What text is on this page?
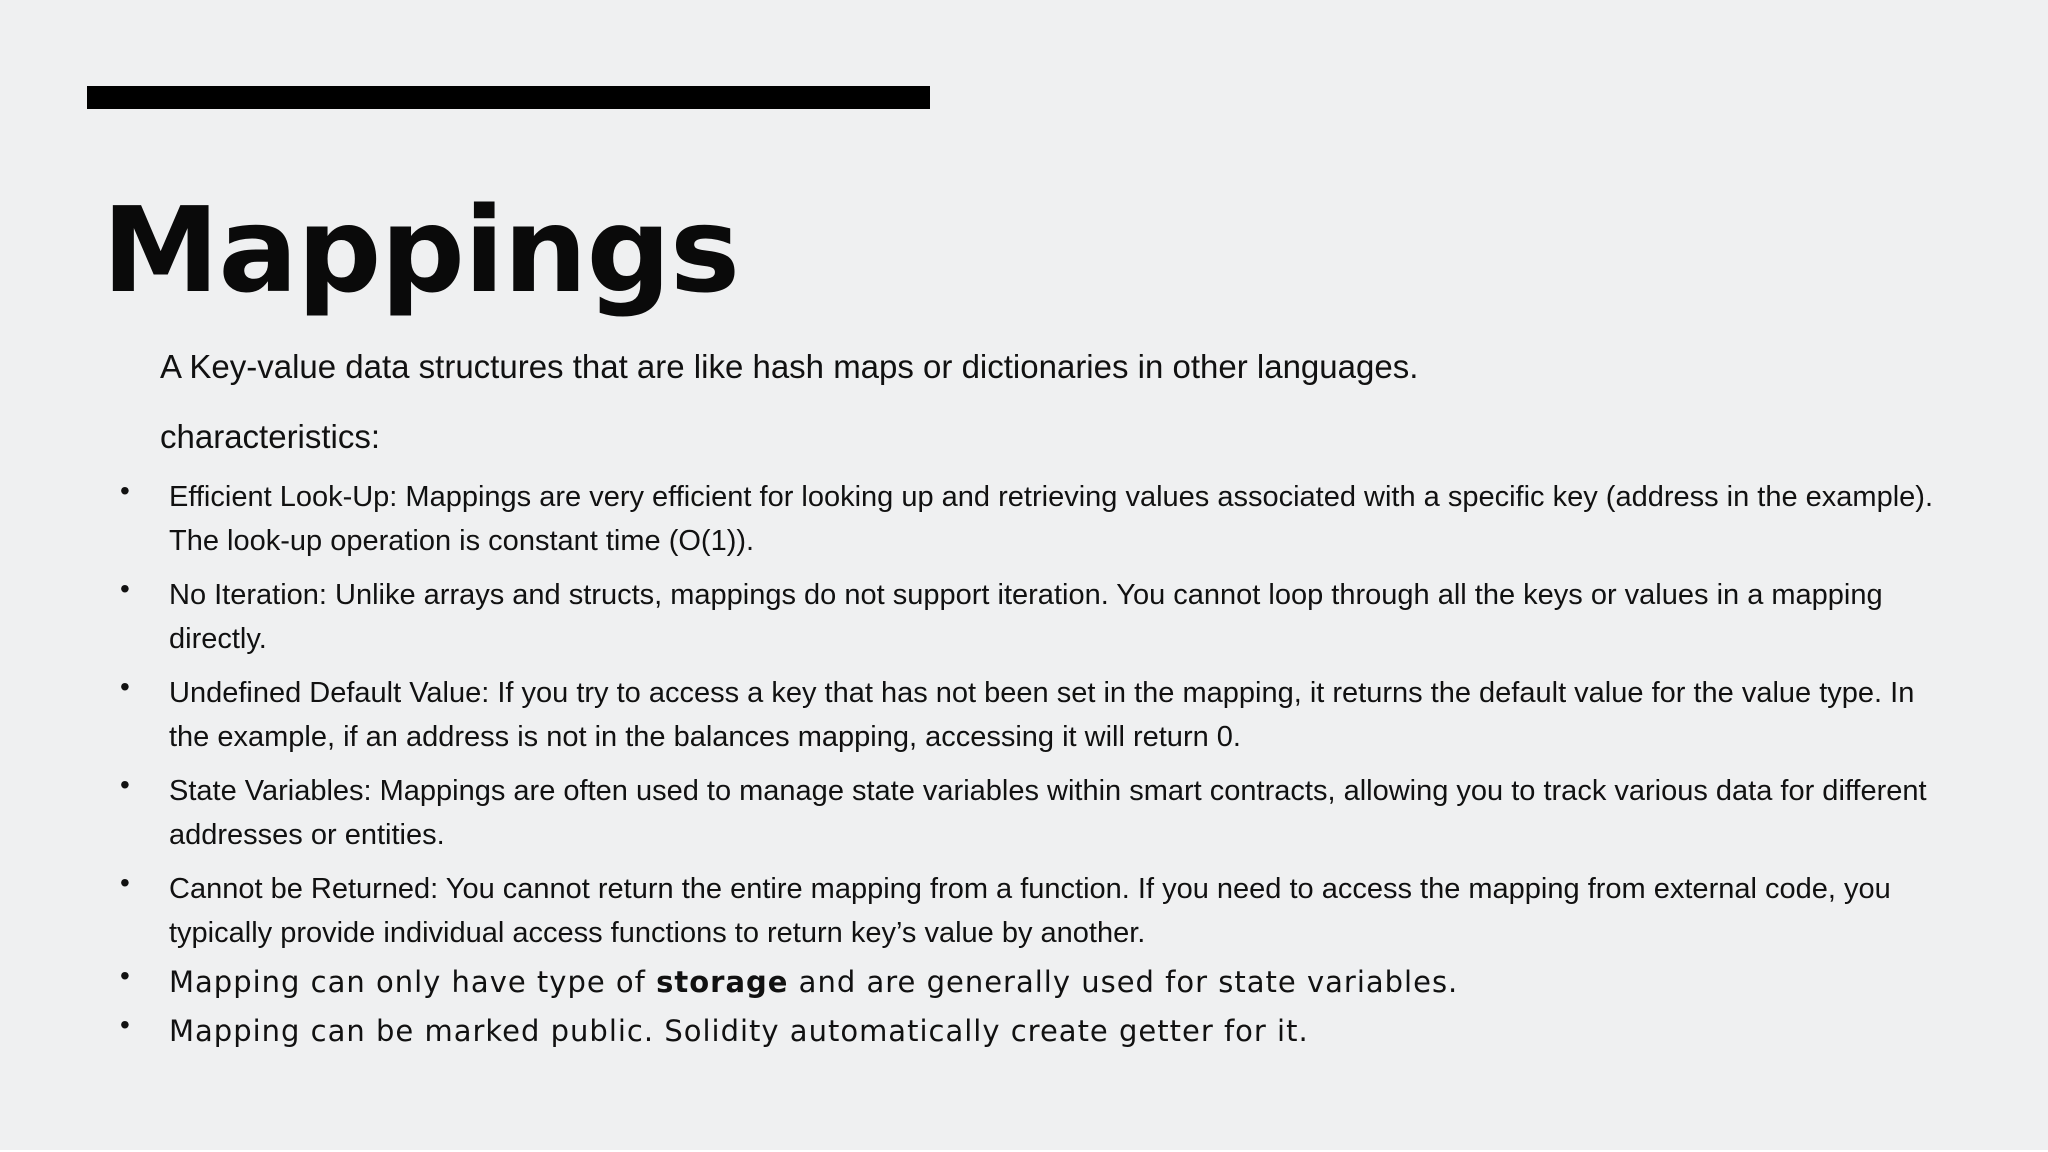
Mappings

A Key-value data structures that are like hash maps or dictionaries in other languages.

characteristics:

• Efficient Look-Up: Mappings are very efficient for looking up and retrieving values associated with a specific key (address in the example). The look-up operation is constant time (O(1)).

• No Iteration: Unlike arrays and structs, mappings do not support iteration. You cannot loop through all the keys or values in a mapping directly.

• Undefined Default Value: If you try to access a key that has not been set in the mapping, it returns the default value for the value type. In the example, if an address is not in the balances mapping, accessing it will return 0.

• State Variables: Mappings are often used to manage state variables within smart contracts, allowing you to track various data for different addresses or entities.

• Cannot be Returned: You cannot return the entire mapping from a function. If you need to access the mapping from external code, you typically provide individual access functions to return key’s value by another.

• Mapping can only have type of storage and are generally used for state variables.

• Mapping can be marked public. Solidity automatically create getter for it.
